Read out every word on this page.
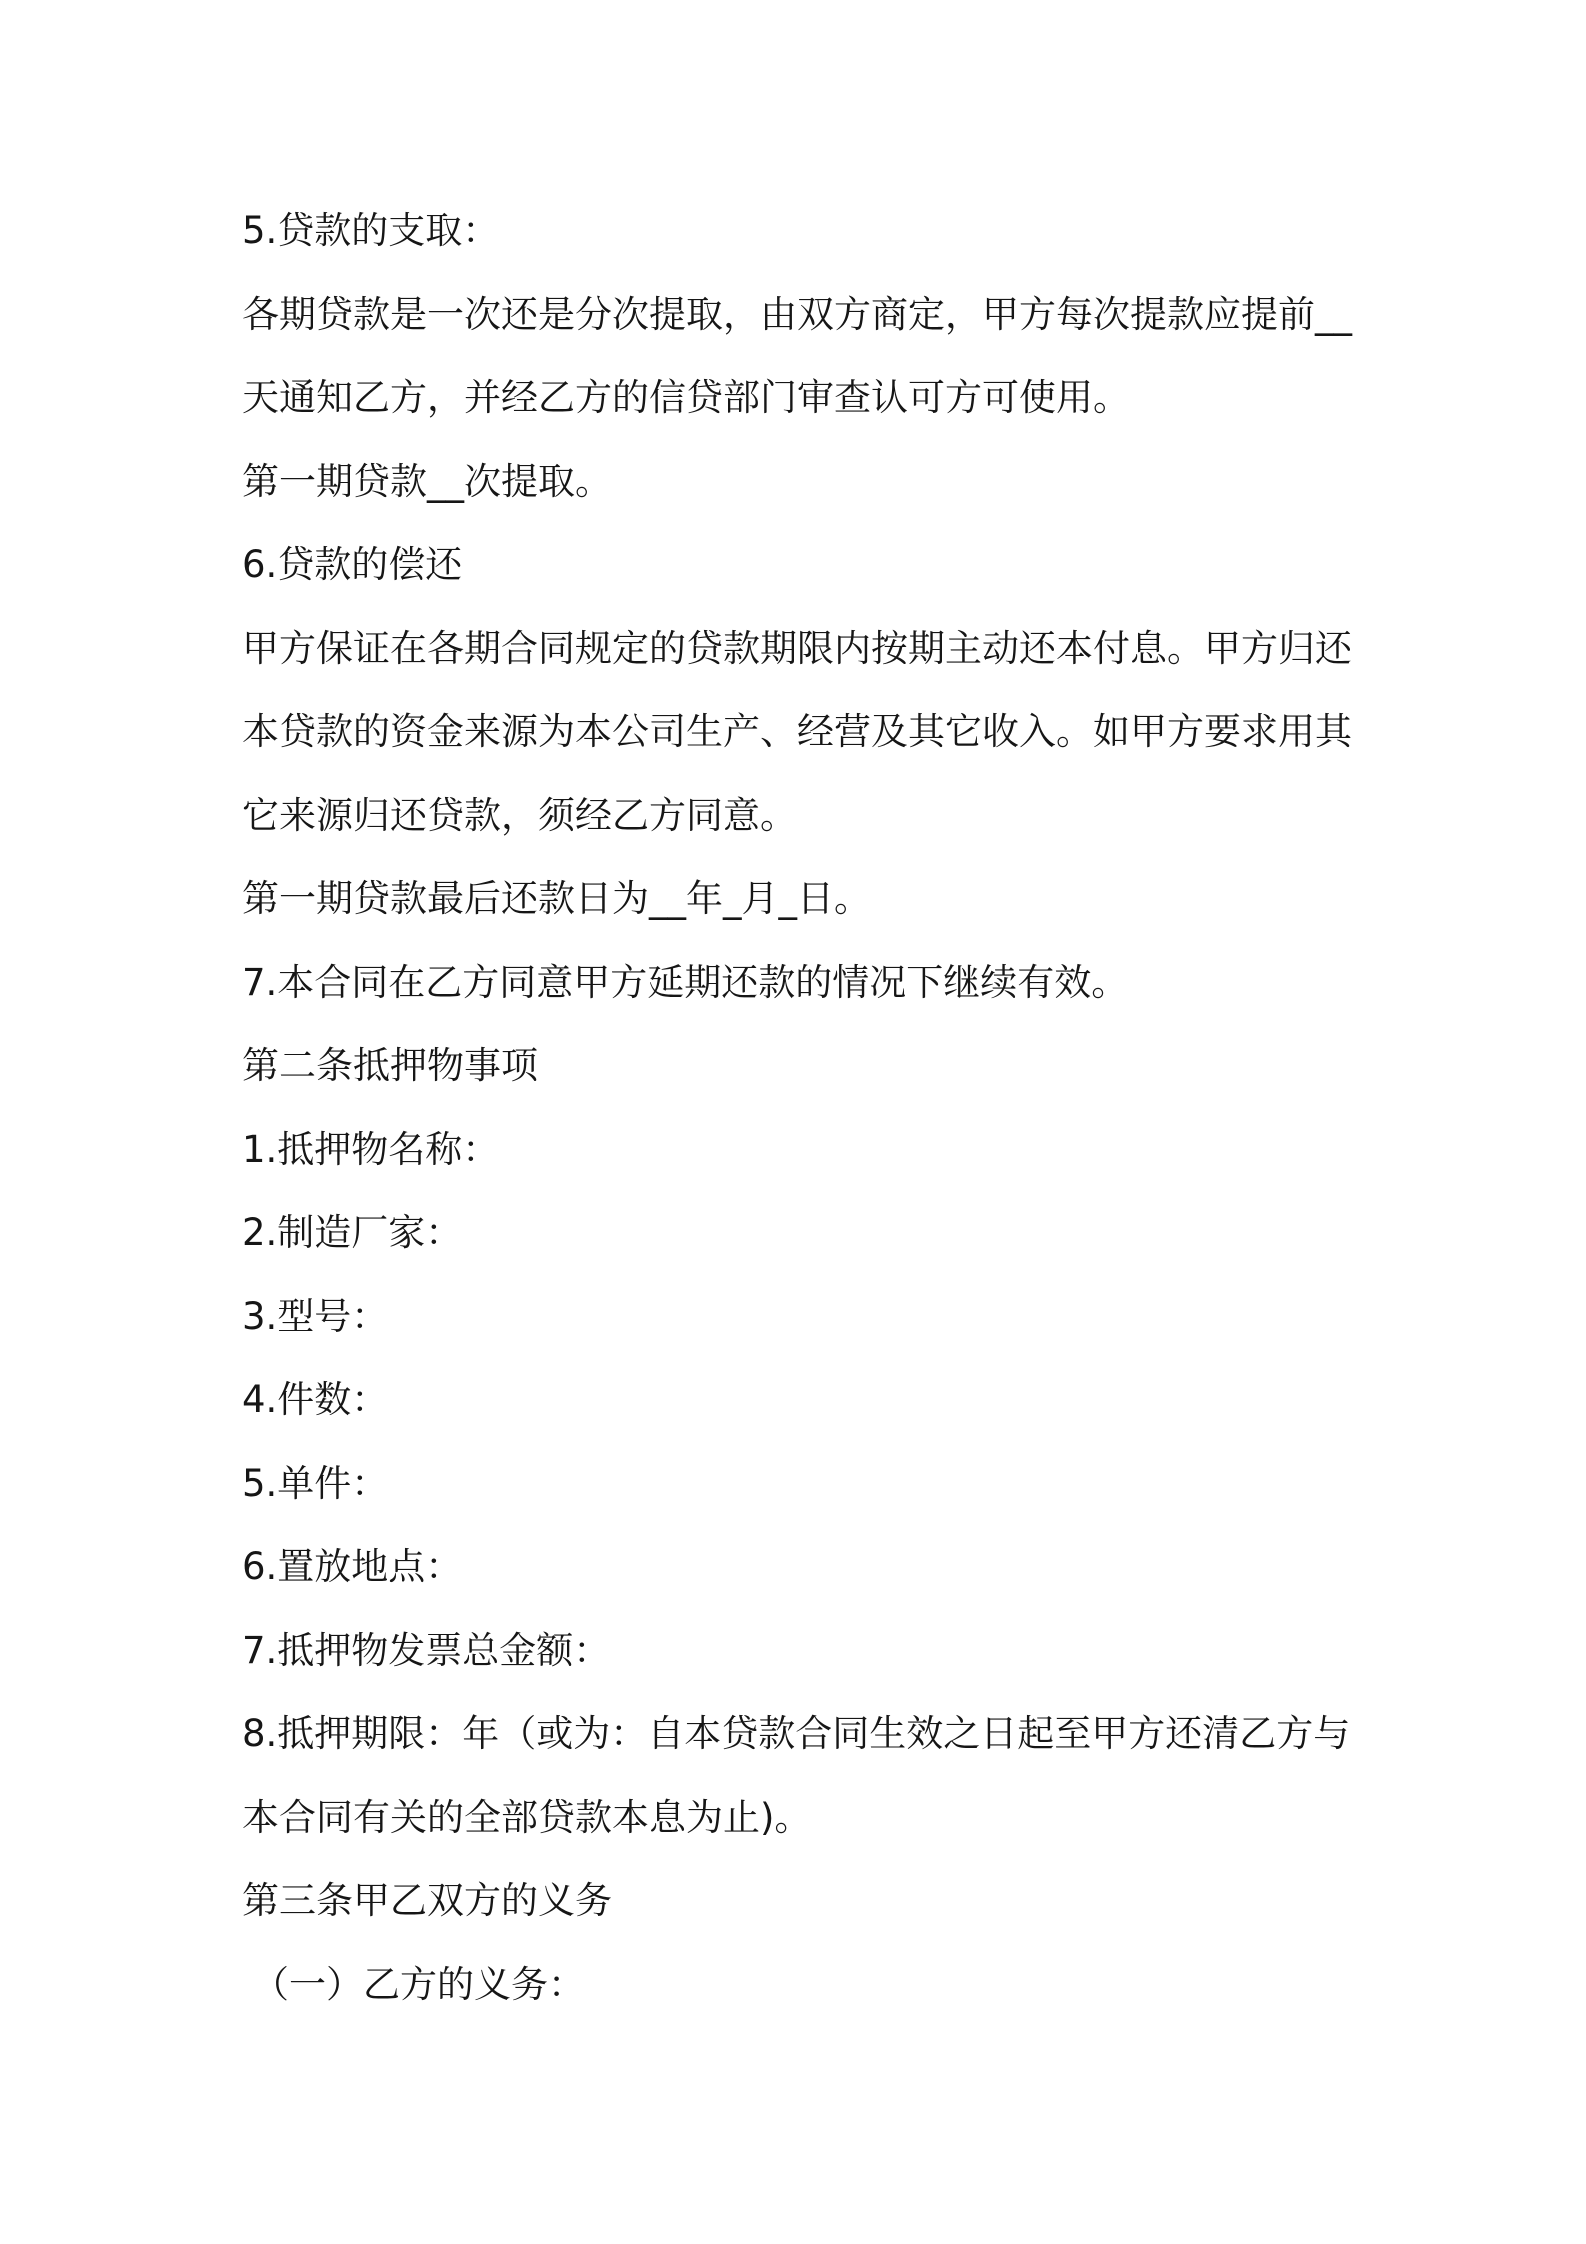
5.贷款的支取：
各期贷款是一次还是分次提取，由双方商定，甲方每次提款应提前__
天通知乙方，并经乙方的信贷部门审查认可方可使用。
第一期贷款__次提取。
6.贷款的偿还
甲方保证在各期合同规定的贷款期限内按期主动还本付息。甲方归还
本贷款的资金来源为本公司生产、经营及其它收入。如甲方要求用其
它来源归还贷款，须经乙方同意。
第一期贷款最后还款日为__年_月_日。
7.本合同在乙方同意甲方延期还款的情况下继续有效。
第二条抵押物事项
1.抵押物名称：
2.制造厂家：
3.型号：
4.件数：
5.单件：
6.置放地点：
7.抵押物发票总金额：
8.抵押期限：年（或为：自本贷款合同生效之日起至甲方还清乙方与
本合同有关的全部贷款本息为止)。
第三条甲乙双方的义务
（一）乙方的义务：
